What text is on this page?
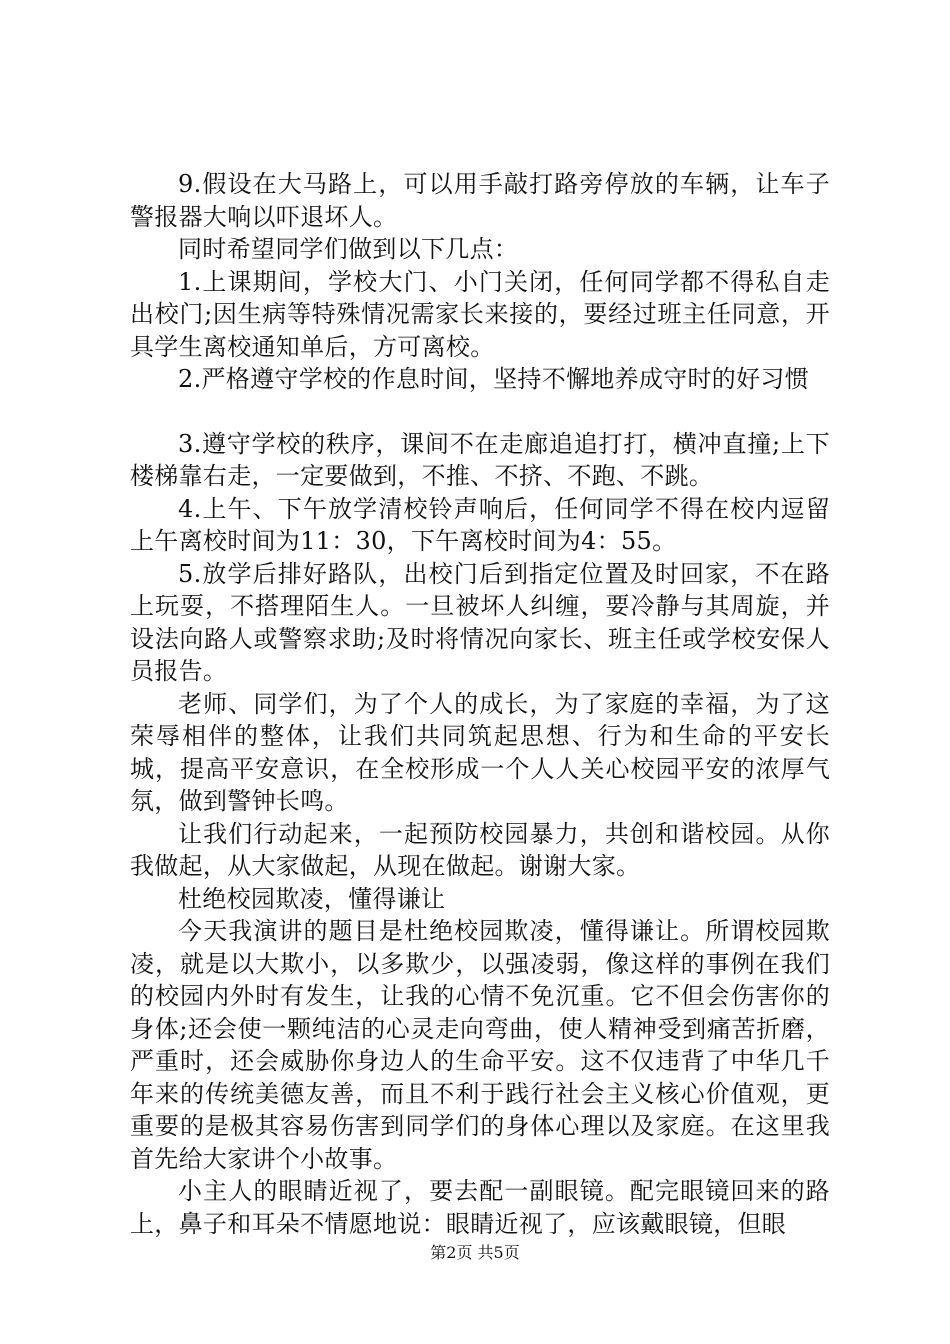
9.假设在大马路上，可以用手敲打路旁停放的车辆，让车子警报器大响以吓退坏人。

同时希望同学们做到以下几点：

1.上课期间，学校大门、小门关闭，任何同学都不得私自走出校门;因生病等特殊情况需家长来接的，要经过班主任同意，开具学生离校通知单后，方可离校。

2.严格遵守学校的作息时间，坚持不懈地养成守时的好习惯

3.遵守学校的秩序，课间不在走廊追追打打，横冲直撞;上下楼梯靠右走，一定要做到，不推、不挤、不跑、不跳。

4.上午、下午放学清校铃声响后，任何同学不得在校内逗留上午离校时间为11：30，下午离校时间为4：55。

5.放学后排好路队，出校门后到指定位置及时回家，不在路上玩耍，不搭理陌生人。一旦被坏人纠缠，要冷静与其周旋，并设法向路人或警察求助;及时将情况向家长、班主任或学校安保人员报告。

老师、同学们，为了个人的成长，为了家庭的幸福，为了这荣辱相伴的整体，让我们共同筑起思想、行为和生命的平安长城，提高平安意识，在全校形成一个人人关心校园平安的浓厚气氛，做到警钟长鸣。

让我们行动起来，一起预防校园暴力，共创和谐校园。从你我做起，从大家做起，从现在做起。谢谢大家。

杜绝校园欺凌，懂得谦让

今天我演讲的题目是杜绝校园欺凌，懂得谦让。所谓校园欺凌，就是以大欺小，以多欺少，以强凌弱，像这样的事例在我们的校园内外时有发生，让我的心情不免沉重。它不但会伤害你的身体;还会使一颗纯洁的心灵走向弯曲，使人精神受到痛苦折磨，严重时，还会威胁你身边人的生命平安。这不仅违背了中华几千年来的传统美德友善，而且不利于践行社会主义核心价值观，更重要的是极其容易伤害到同学们的身体心理以及家庭。在这里我首先给大家讲个小故事。

小主人的眼睛近视了，要去配一副眼镜。配完眼镜回来的路上，鼻子和耳朵不情愿地说：眼睛近视了，应该戴眼镜，但眼

第2页 共5页
